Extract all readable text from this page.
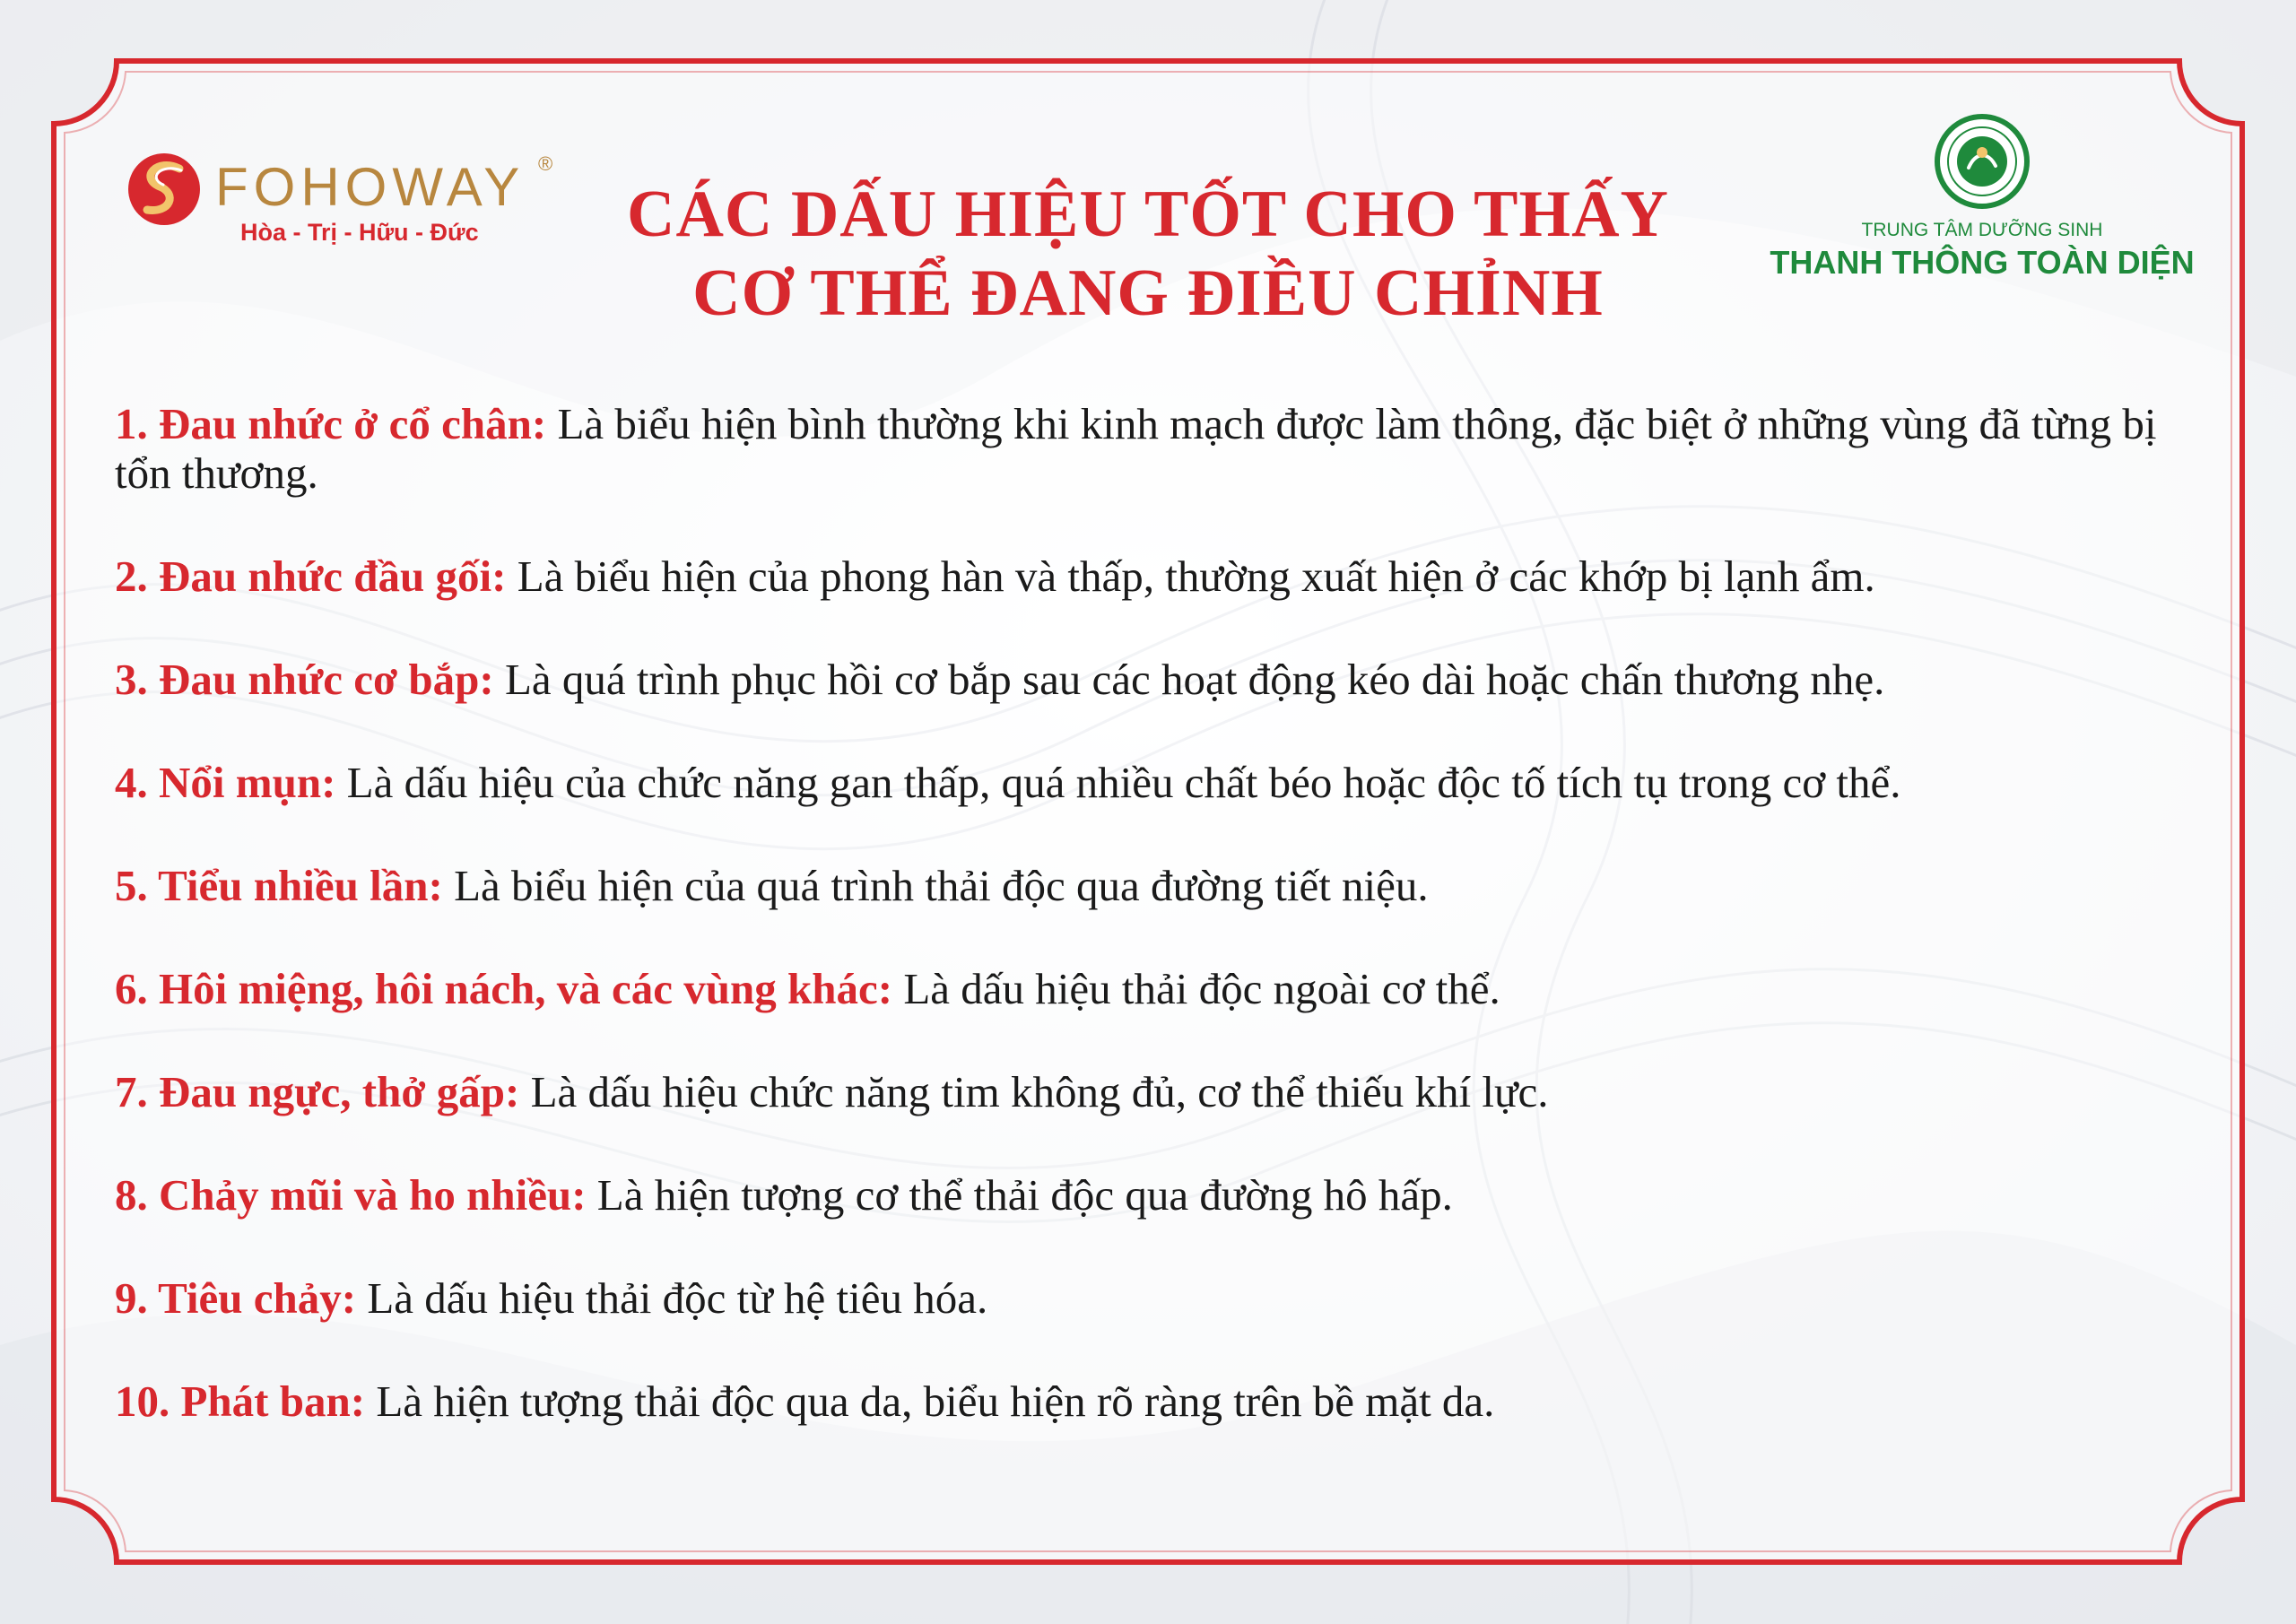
FOHOWAY ®
Hòa - Trị - Hữu - Đức	CÁC DẤU HIỆU TỐT CHO THẤY
CƠ THỂ ĐANG ĐIỀU CHỈNH
TRUNG TÂM DƯỠNG SINH
THANH THÔNG TOÀN DIỆN
1. Đau nhức ở cổ chân: Là biểu hiện bình thường khi kinh mạch được làm thông, đặc biệt ở những vùng đã từng bị tổn thương.
2. Đau nhức đầu gối: Là biểu hiện của phong hàn và thấp, thường xuất hiện ở các khớp bị lạnh ẩm.
3. Đau nhức cơ bắp: Là quá trình phục hồi cơ bắp sau các hoạt động kéo dài hoặc chấn thương nhẹ.
4. Nổi mụn: Là dấu hiệu của chức năng gan thấp, quá nhiều chất béo hoặc độc tố tích tụ trong cơ thể.
5. Tiểu nhiều lần: Là biểu hiện của quá trình thải độc qua đường tiết niệu.
6. Hôi miệng, hôi nách, và các vùng khác: Là dấu hiệu thải độc ngoài cơ thể.
7. Đau ngực, thở gấp: Là dấu hiệu chức năng tim không đủ, cơ thể thiếu khí lực.
8. Chảy mũi và ho nhiều: Là hiện tượng cơ thể thải độc qua đường hô hấp.
9. Tiêu chảy: Là dấu hiệu thải độc từ hệ tiêu hóa.
10. Phát ban: Là hiện tượng thải độc qua da, biểu hiện rõ ràng trên bề mặt da.
